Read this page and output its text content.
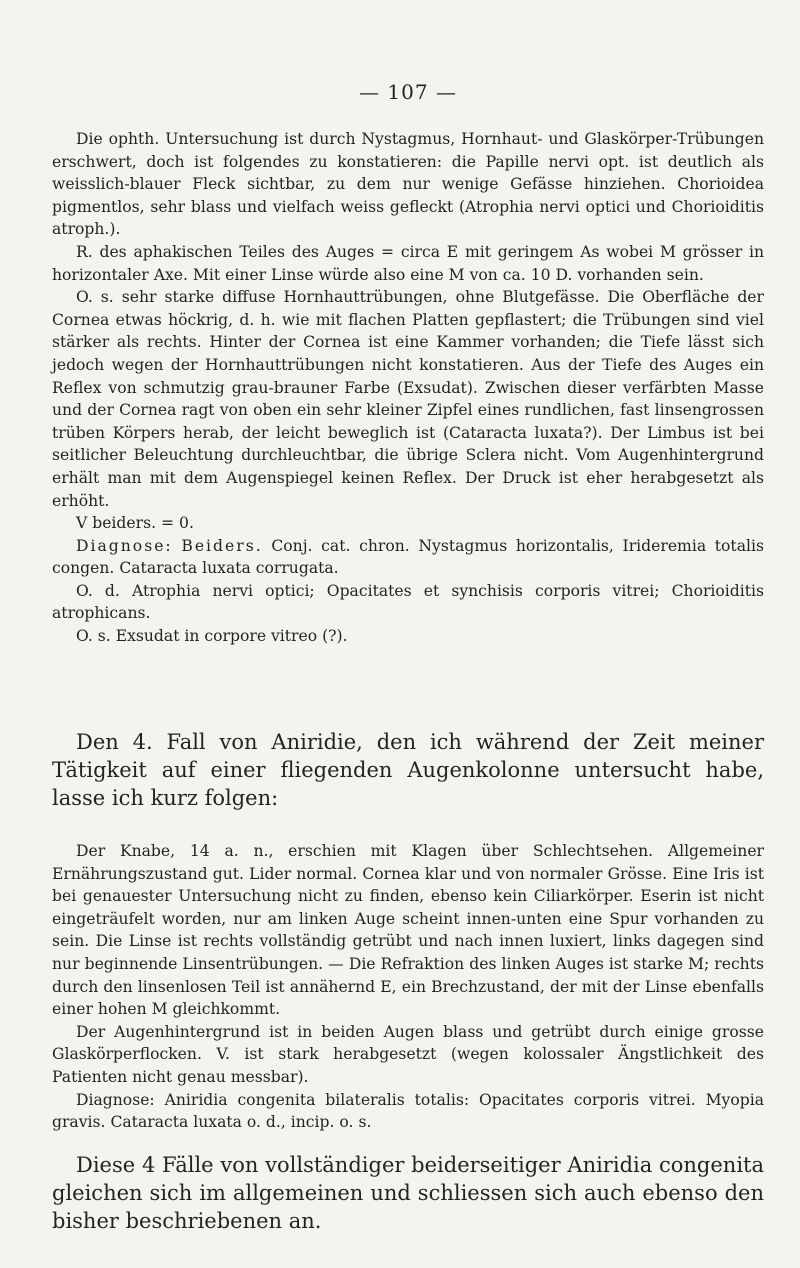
— 107 —

Die ophth. Untersuchung ist durch Nystagmus, Hornhaut- und Glaskörper-Trübungen erschwert, doch ist folgendes zu konstatieren: die Papille nervi opt. ist deutlich als weisslich-blauer Fleck sichtbar, zu dem nur wenige Gefässe hinziehen. Chorioidea pigmentlos, sehr blass und vielfach weiss gefleckt (Atrophia nervi optici und Chorioiditis atroph.).

R. des aphakischen Teiles des Auges = circa E mit geringem As wobei M grösser in horizontaler Axe. Mit einer Linse würde also eine M von ca. 10 D. vorhanden sein.

O. s. sehr starke diffuse Hornhauttrübungen, ohne Blutgefässe. Die Oberfläche der Cornea etwas höckrig, d. h. wie mit flachen Platten gepflastert; die Trübungen sind viel stärker als rechts. Hinter der Cornea ist eine Kammer vorhanden; die Tiefe lässt sich jedoch wegen der Hornhauttrübungen nicht konstatieren. Aus der Tiefe des Auges ein Reflex von schmutzig grau-brauner Farbe (Exsudat). Zwischen dieser verfärbten Masse und der Cornea ragt von oben ein sehr kleiner Zipfel eines rundlichen, fast linsengrossen trüben Körpers herab, der leicht beweglich ist (Cataracta luxata?). Der Limbus ist bei seitlicher Beleuchtung durchleuchtbar, die übrige Sclera nicht. Vom Augenhintergrund erhält man mit dem Augenspiegel keinen Reflex. Der Druck ist eher herabgesetzt als erhöht.

V beiders. = 0.

Diagnose: Beiders. Conj. cat. chron. Nystagmus horizontalis, Irideremia totalis congen. Cataracta luxata corrugata.

O. d. Atrophia nervi optici; Opacitates et synchisis corporis vitrei; Chorioiditis atrophicans.

O. s. Exsudat in corpore vitreo (?).

Den 4. Fall von Aniridie, den ich während der Zeit meiner Tätigkeit auf einer fliegenden Augenkolonne untersucht habe, lasse ich kurz folgen:

Der Knabe, 14 a. n., erschien mit Klagen über Schlechtsehen. Allgemeiner Ernährungszustand gut. Lider normal. Cornea klar und von normaler Grösse. Eine Iris ist bei genauester Untersuchung nicht zu finden, ebenso kein Ciliarkörper. Eserin ist nicht eingeträufelt worden, nur am linken Auge scheint innen-unten eine Spur vorhanden zu sein. Die Linse ist rechts vollständig getrübt und nach innen luxiert, links dagegen sind nur beginnende Linsentrübungen. — Die Refraktion des linken Auges ist starke M; rechts durch den linsenlosen Teil ist annähernd E, ein Brechzustand, der mit der Linse ebenfalls einer hohen M gleichkommt.

Der Augenhintergrund ist in beiden Augen blass und getrübt durch einige grosse Glaskörperflocken. V. ist stark herabgesetzt (wegen kolossaler Ängstlichkeit des Patienten nicht genau messbar).

Diagnose: Aniridia congenita bilateralis totalis: Opacitates corporis vitrei. Myopia gravis. Cataracta luxata o. d., incip. o. s.

Diese 4 Fälle von vollständiger beiderseitiger Aniridia congenita gleichen sich im allgemeinen und schliessen sich auch ebenso den bisher beschriebenen an.
